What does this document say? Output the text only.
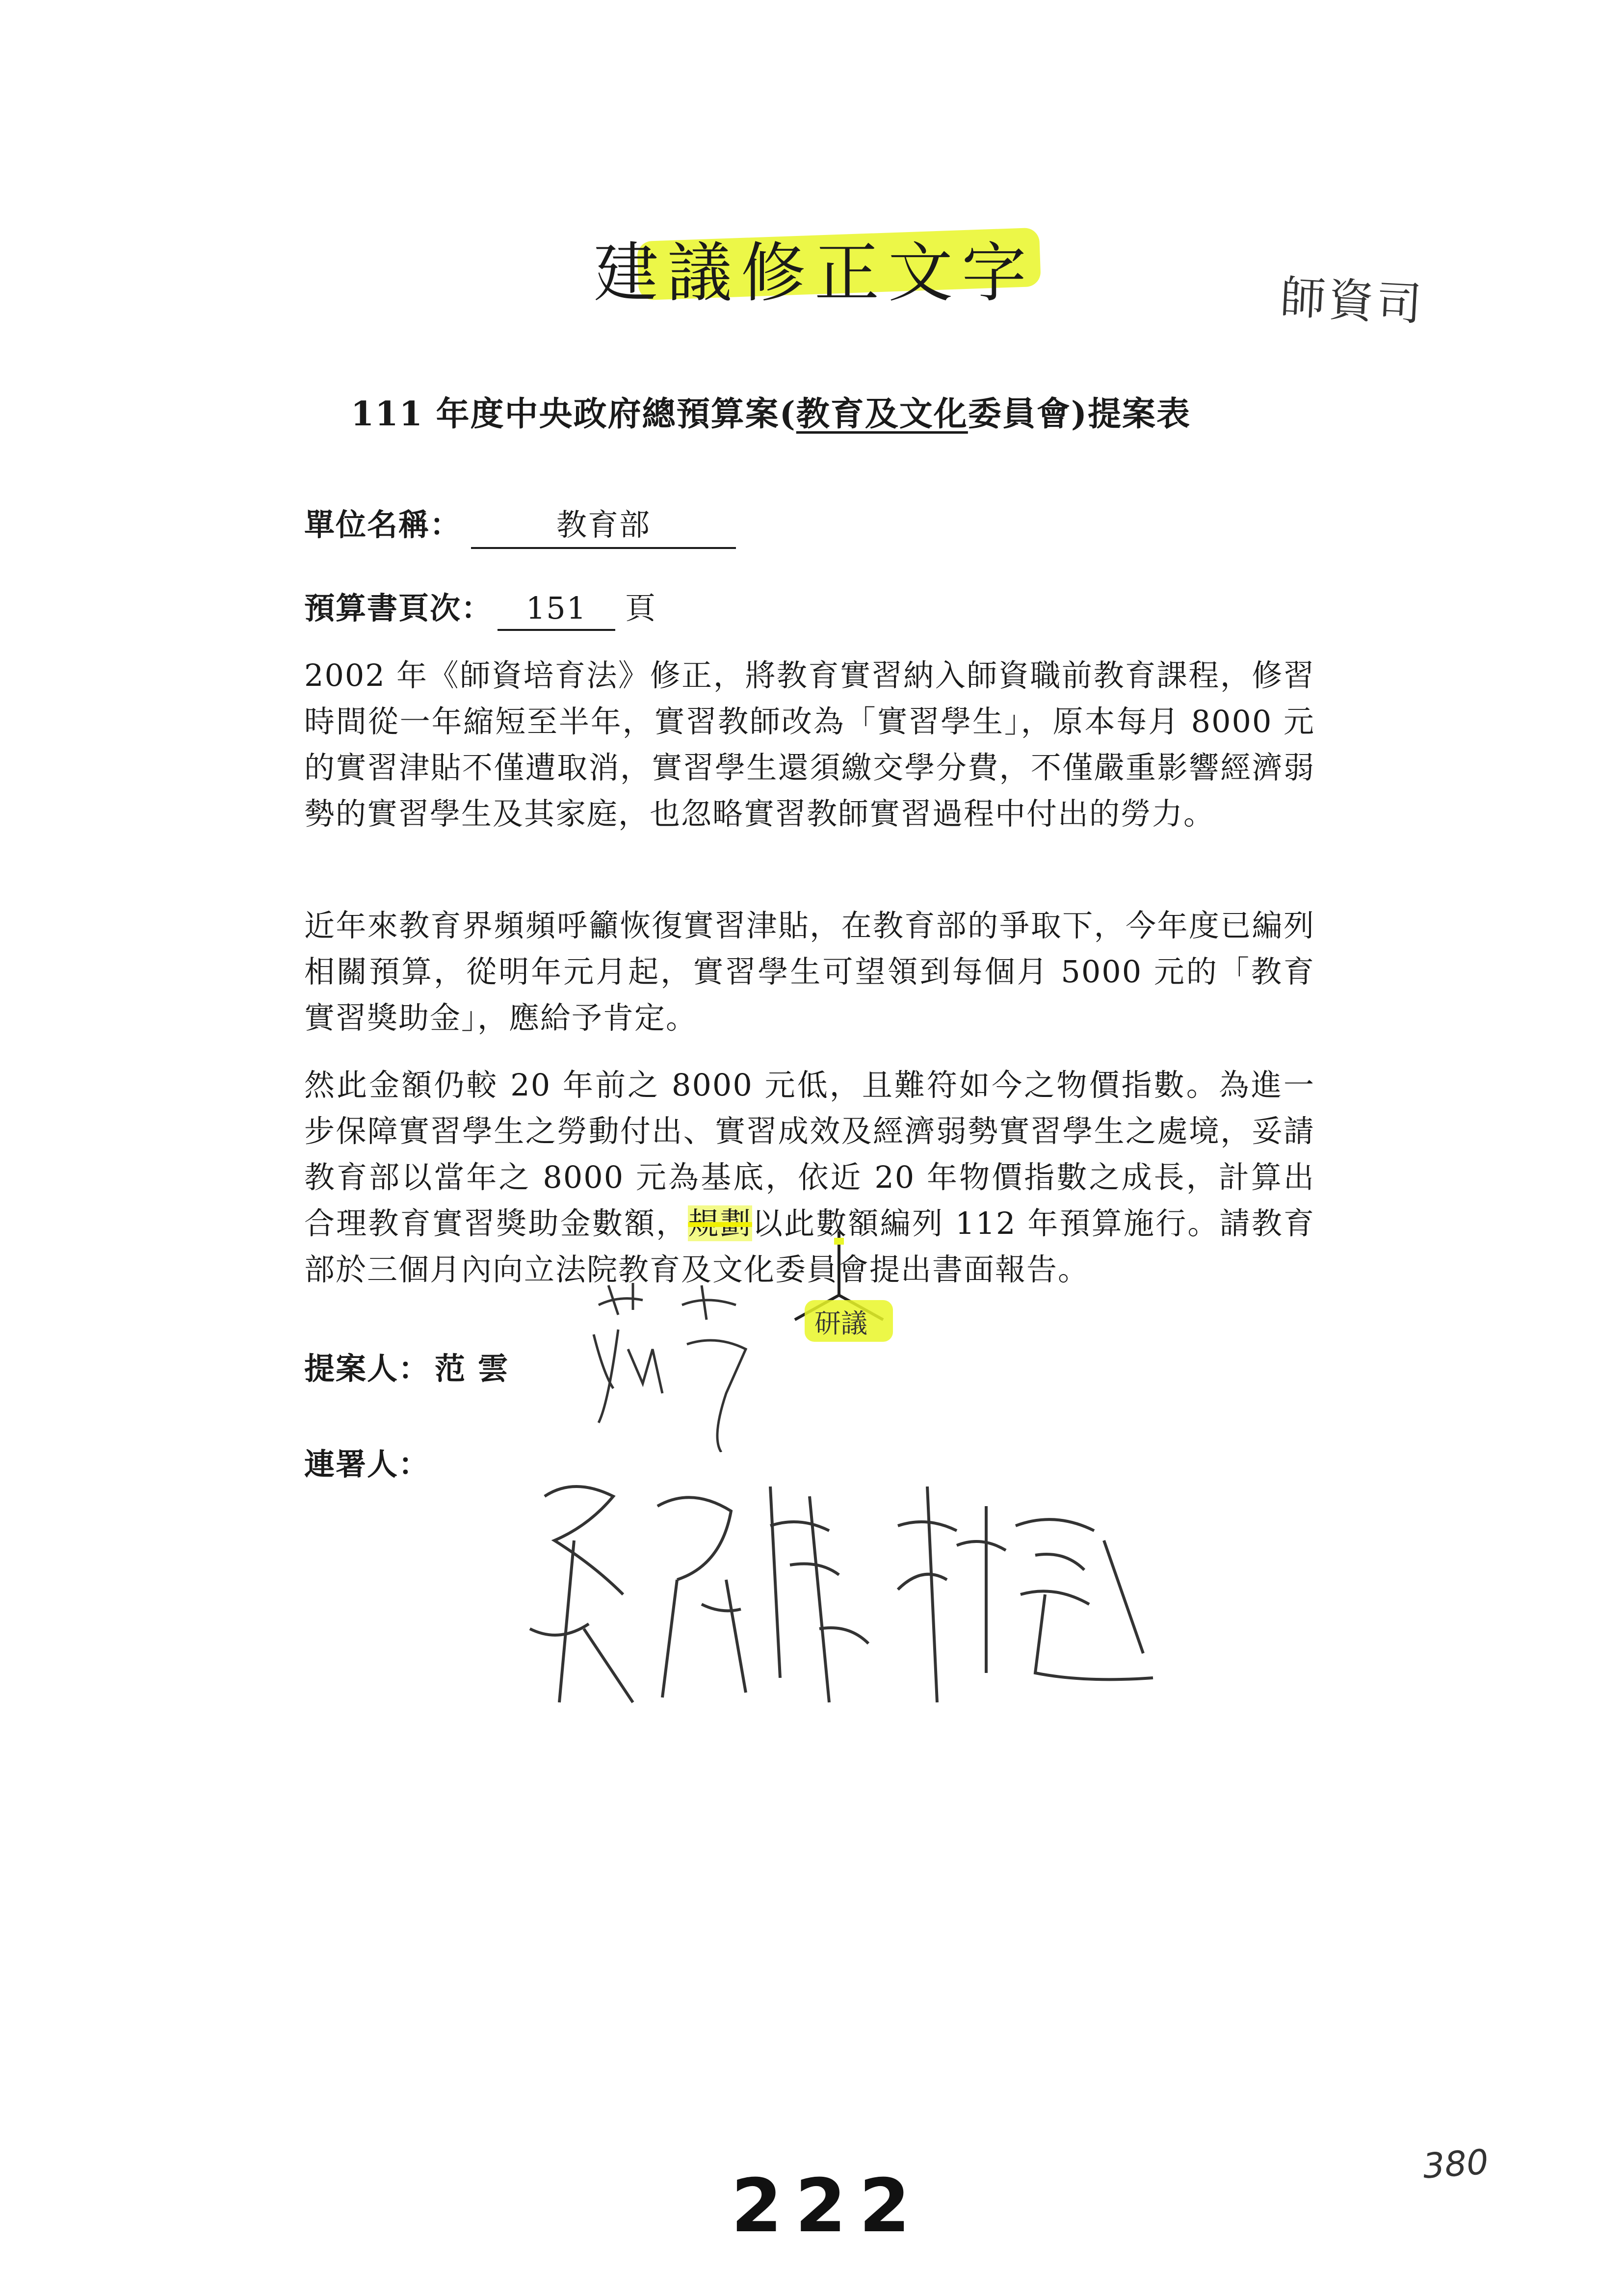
建議修正文字	師資司
111 年度中央政府總預算案(教育及文化委員會)提案表
單位名稱：	教育部
預算書頁次： 151 頁
2002 年《師資培育法》修正，將教育實習納入師資職前教育課程，修習時間從一年縮短至半年，實習教師改為「實習學生」，原本每月 8000 元的實習津貼不僅遭取消，實習學生還須繳交學分費，不僅嚴重影響經濟弱勢的實習學生及其家庭，也忽略實習教師實習過程中付出的勞力。
近年來教育界頻頻呼籲恢復實習津貼，在教育部的爭取下，今年度已編列相關預算，從明年元月起，實習學生可望領到每個月 5000 元的「教育實習獎助金」，應給予肯定。
然此金額仍較 20 年前之 8000 元低，且難符如今之物價指數。為進一步保障實習學生之勞動付出、實習成效及經濟弱勢實習學生之處境，妥請教育部以當年之 8000 元為基底，依近 20 年物價指數之成長，計算出合理教育實習獎助金數額，規劃以此數額編列 112 年預算施行。請教育部於三個月內向立法院教育及文化委員會提出書面報告。
研議
提案人： 范 雲
連署人：
380
222
